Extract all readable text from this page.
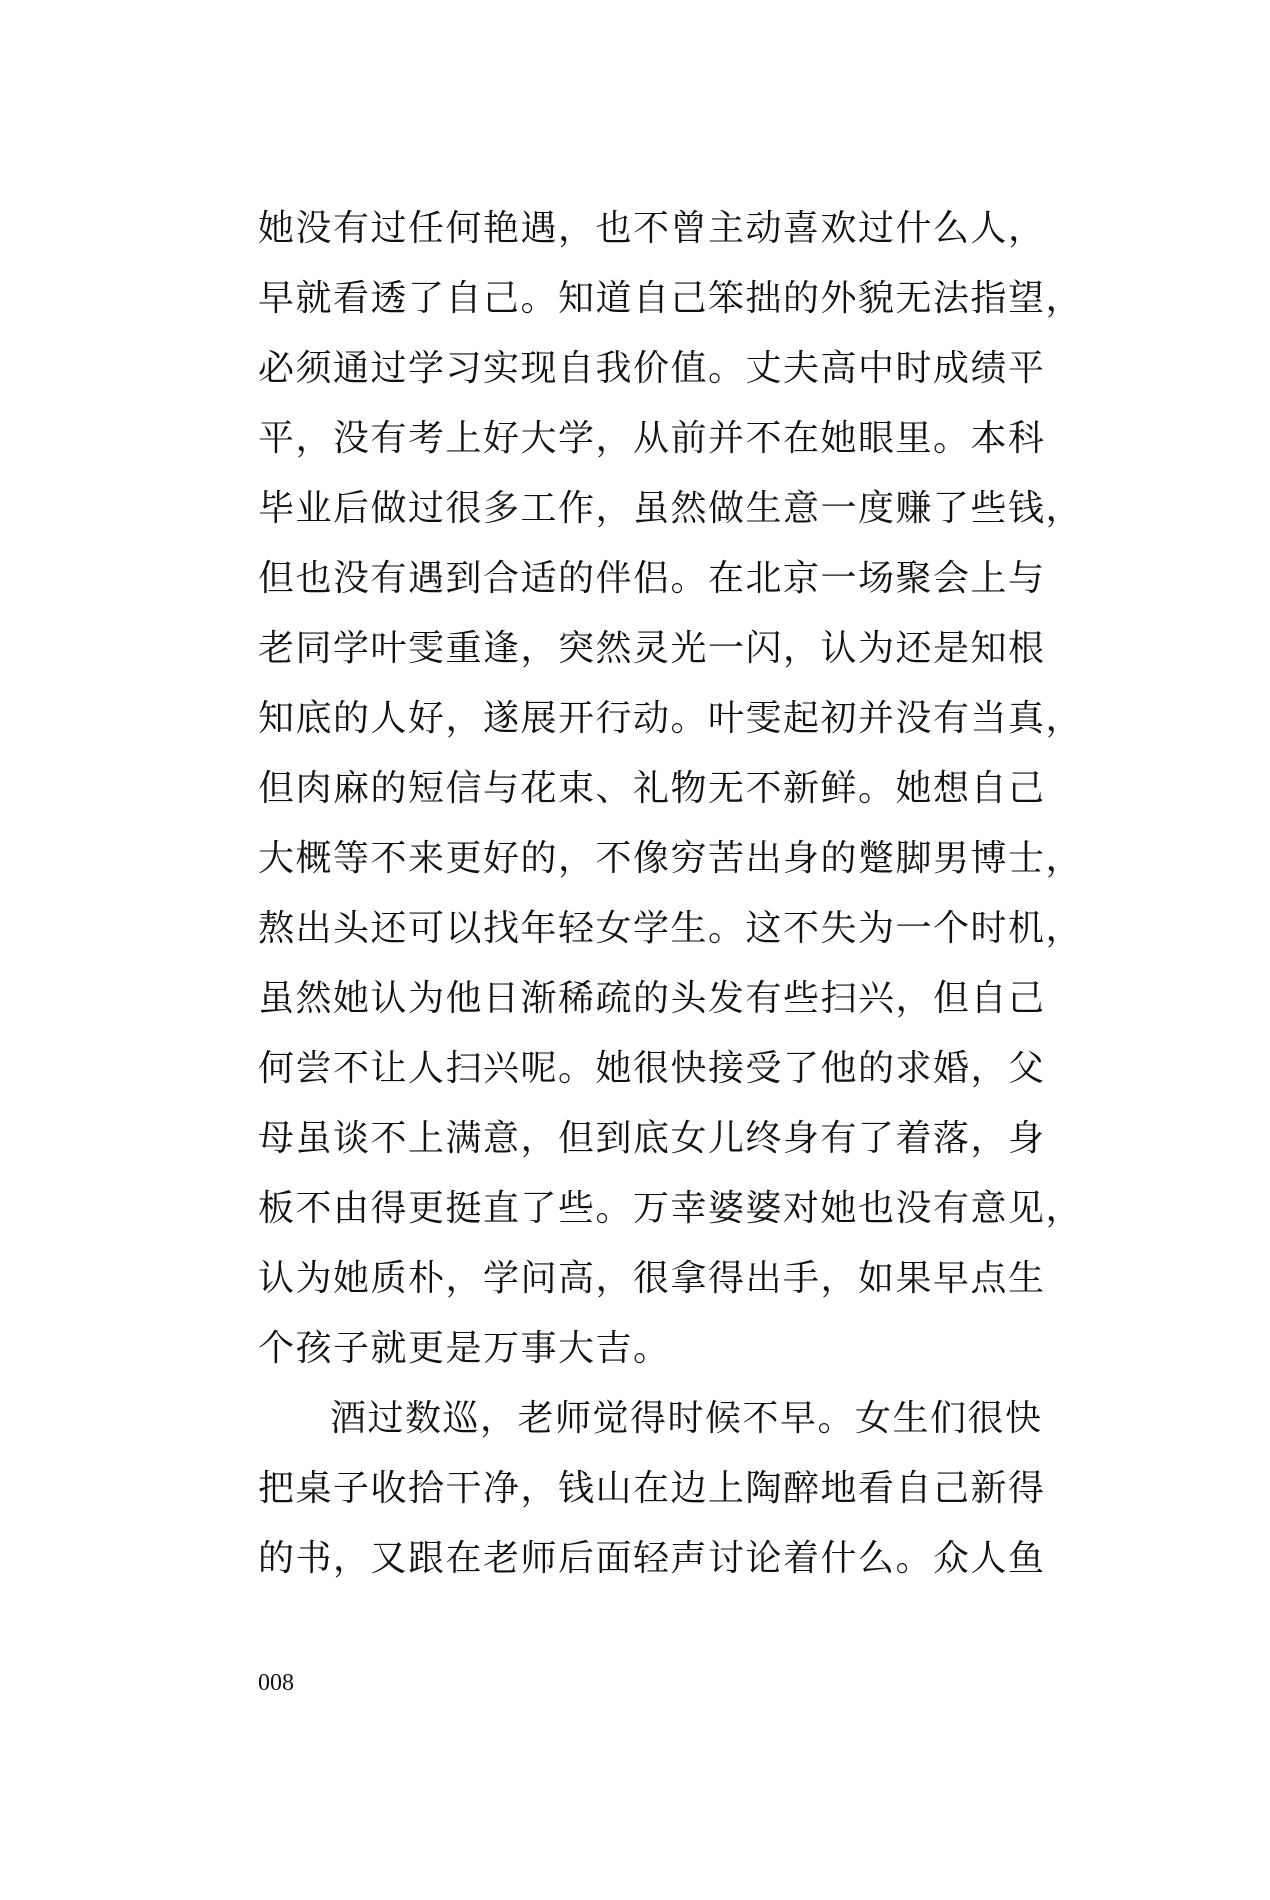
她没有过任何艳遇，也不曾主动喜欢过什么人，
早就看透了自己。知道自己笨拙的外貌无法指望，
必须通过学习实现自我价值。丈夫高中时成绩平
平，没有考上好大学，从前并不在她眼里。本科
毕业后做过很多工作，虽然做生意一度赚了些钱，
但也没有遇到合适的伴侣。在北京一场聚会上与
老同学叶雯重逢，突然灵光一闪，认为还是知根
知底的人好，遂展开行动。叶雯起初并没有当真，
但肉麻的短信与花束、礼物无不新鲜。她想自己
大概等不来更好的，不像穷苦出身的蹩脚男博士，
熬出头还可以找年轻女学生。这不失为一个时机，
虽然她认为他日渐稀疏的头发有些扫兴，但自己
何尝不让人扫兴呢。她很快接受了他的求婚，父
母虽谈不上满意，但到底女儿终身有了着落，身
板不由得更挺直了些。万幸婆婆对她也没有意见，
认为她质朴，学问高，很拿得出手，如果早点生
个孩子就更是万事大吉。
酒过数巡，老师觉得时候不早。女生们很快
把桌子收拾干净，钱山在边上陶醉地看自己新得
的书，又跟在老师后面轻声讨论着什么。众人鱼
008
